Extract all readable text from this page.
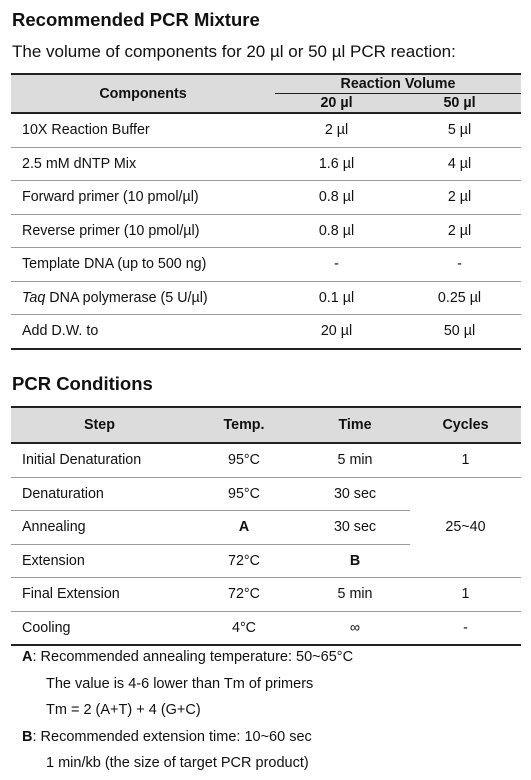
Recommended PCR Mixture

The volume of components for 20 µl or 50 µl PCR reaction:

Components	Reaction Volume	
	20 µl	50 µl
10X Reaction Buffer	2 µl	5 µl
2.5 mM dNTP Mix	1.6 µl	4 µl
Forward primer (10 pmol/µl)	0.8 µl	2 µl
Reverse primer (10 pmol/µl)	0.8 µl	2 µl
Template DNA (up to 500 ng)	-	-
Taq DNA polymerase (5 U/µl)	0.1 µl	0.25 µl
Add D.W. to	20 µl	50 µl
PCR Conditions
Step	Temp.	Time	Cycles
Initial Denaturation	95°C	5 min	1
Denaturation	95°C	30 sec	25~40
Annealing	A	30 sec	
Extension	72°C	B	
Final Extension	72°C	5 min	1
Cooling	4°C	∞	-
A: Recommended annealing temperature: 50~65°C
The value is 4-6 lower than Tm of primers
Tm = 2 (A+T) + 4 (G+C)
B: Recommended extension time: 10~60 sec
1 min/kb (the size of target PCR product)
